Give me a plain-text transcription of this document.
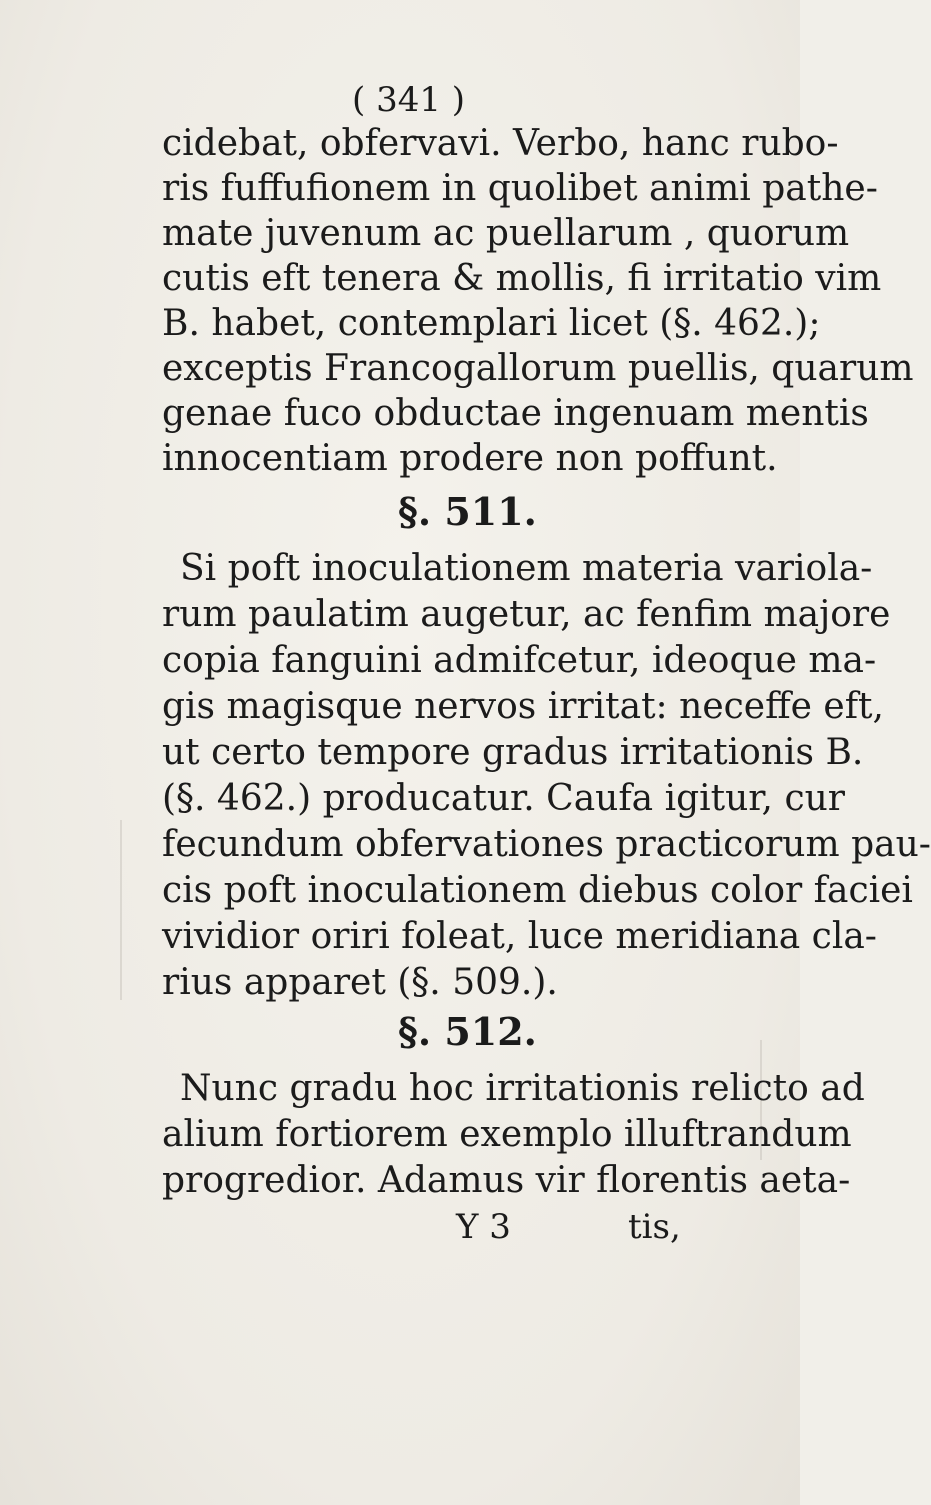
( 341 )
cidebat, obfervavi. Verbo, hanc rubo-
ris fuffufionem in quolibet animi pathe-
mate juvenum ac puellarum , quorum
cutis eft tenera & mollis, fi irritatio vim
B. habet, contemplari licet (§. 462.);
exceptis Francogallorum puellis, quarum
genae fuco obductae ingenuam mentis
innocentiam prodere non poffunt.
§. 511.
Si poft inoculationem materia variola-
rum paulatim augetur, ac fenfim majore
copia fanguini admifcetur, ideoque ma-
gis magisque nervos irritat: neceffe eft,
ut certo tempore gradus irritationis B.
(§. 462.) producatur. Caufa igitur, cur
fecundum obfervationes practicorum pau-
cis poft inoculationem diebus color faciei
vividior oriri foleat, luce meridiana cla-
rius apparet (§. 509.).
§. 512.
Nunc gradu hoc irritationis relicto ad
alium fortiorem exemplo illuftrandum
progredior. Adamus vir florentis aeta-
Y 3	tis,
